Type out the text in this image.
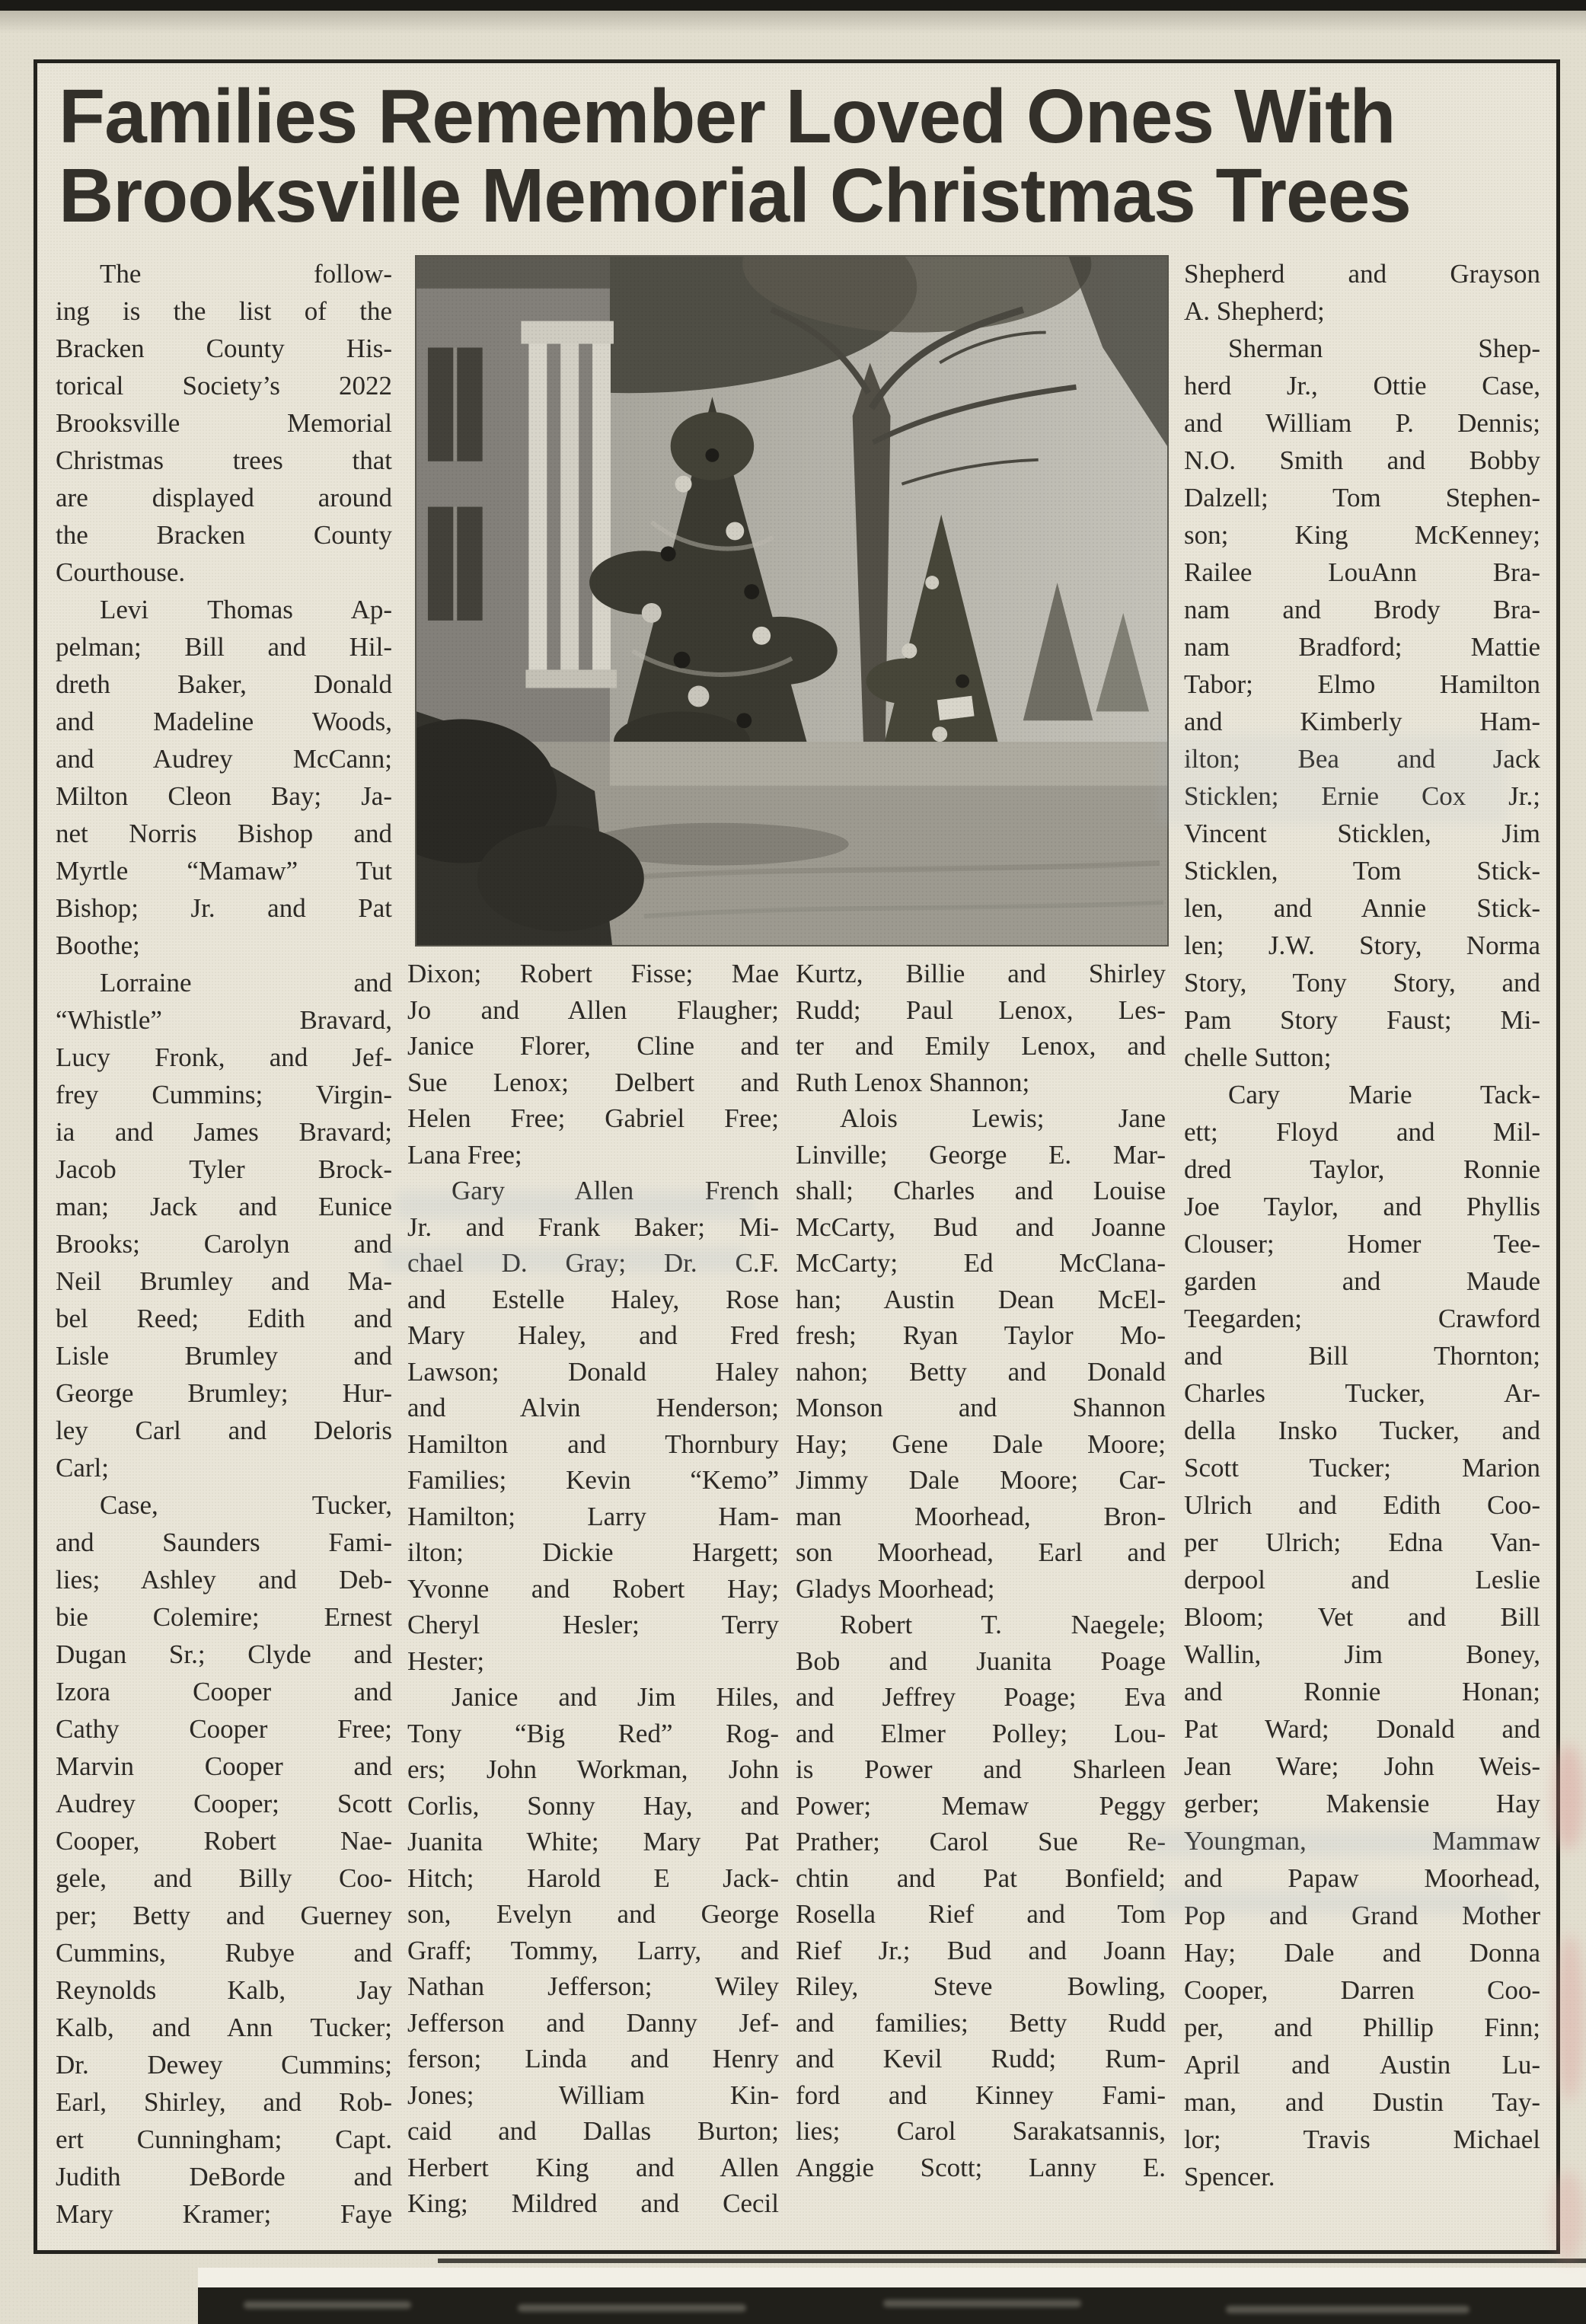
Families Remember Loved Ones With
Brooksville Memorial Christmas Trees
The follow-
ing is the list of the
Bracken County His-
torical Society’s 2022
Brooksville Memorial
Christmas trees that
are displayed around
the Bracken County
Courthouse.
Levi Thomas Ap-
pelman; Bill and Hil-
dreth Baker, Donald
and Madeline Woods,
and Audrey McCann;
Milton Cleon Bay; Ja-
net Norris Bishop and
Myrtle “Mamaw” Tut
Bishop; Jr. and Pat
Boothe;
Lorraine and
“Whistle” Bravard,
Lucy Fronk, and Jef-
frey Cummins; Virgin-
ia and James Bravard;
Jacob Tyler Brock-
man; Jack and Eunice
Brooks; Carolyn and
Neil Brumley and Ma-
bel Reed; Edith and
Lisle Brumley and
George Brumley; Hur-
ley Carl and Deloris
Carl;
Case, Tucker,
and Saunders Fami-
lies; Ashley and Deb-
bie Colemire; Ernest
Dugan Sr.; Clyde and
Izora Cooper and
Cathy Cooper Free;
Marvin Cooper and
Audrey Cooper; Scott
Cooper, Robert Nae-
gele, and Billy Coo-
per; Betty and Guerney
Cummins, Rubye and
Reynolds Kalb, Jay
Kalb, and Ann Tucker;
Dr. Dewey Cummins;
Earl, Shirley, and Rob-
ert Cunningham; Capt.
Judith DeBorde and
Mary Kramer; Faye
Dixon; Robert Fisse; Mae
Jo and Allen Flaugher;
Janice Florer, Cline and
Sue Lenox; Delbert and
Helen Free; Gabriel Free;
Lana Free;
Gary Allen French
Jr. and Frank Baker; Mi-
chael D. Gray; Dr. C.F.
and Estelle Haley, Rose
Mary Haley, and Fred
Lawson; Donald Haley
and Alvin Henderson;
Hamilton and Thornbury
Families; Kevin “Kemo”
Hamilton; Larry Ham-
ilton; Dickie Hargett;
Yvonne and Robert Hay;
Cheryl Hesler; Terry
Hester;
Janice and Jim Hiles,
Tony “Big Red” Rog-
ers; John Workman, John
Corlis, Sonny Hay, and
Juanita White; Mary Pat
Hitch; Harold E Jack-
son, Evelyn and George
Graff; Tommy, Larry, and
Nathan Jefferson; Wiley
Jefferson and Danny Jef-
ferson; Linda and Henry
Jones; William Kin-
caid and Dallas Burton;
Herbert King and Allen
King; Mildred and Cecil
Kurtz, Billie and Shirley
Rudd; Paul Lenox, Les-
ter and Emily Lenox, and
Ruth Lenox Shannon;
Alois Lewis; Jane
Linville; George E. Mar-
shall; Charles and Louise
McCarty, Bud and Joanne
McCarty; Ed McClana-
han; Austin Dean McEl-
fresh; Ryan Taylor Mo-
nahon; Betty and Donald
Monson and Shannon
Hay; Gene Dale Moore;
Jimmy Dale Moore; Car-
man Moorhead, Bron-
son Moorhead, Earl and
Gladys Moorhead;
Robert T. Naegele;
Bob and Juanita Poage
and Jeffrey Poage; Eva
and Elmer Polley; Lou-
is Power and Sharleen
Power; Memaw Peggy
Prather; Carol Sue Re-
chtin and Pat Bonfield;
Rosella Rief and Tom
Rief Jr.; Bud and Joann
Riley, Steve Bowling,
and families; Betty Rudd
and Kevil Rudd; Rum-
ford and Kinney Fami-
lies; Carol Sarakatsannis,
Anggie Scott; Lanny E.
Shepherd and Grayson
A. Shepherd;
Sherman Shep-
herd Jr., Ottie Case,
and William P. Dennis;
N.O. Smith and Bobby
Dalzell; Tom Stephen-
son; King McKenney;
Railee LouAnn Bra-
nam and Brody Bra-
nam Bradford; Mattie
Tabor; Elmo Hamilton
and Kimberly Ham-
ilton; Bea and Jack
Sticklen; Ernie Cox Jr.;
Vincent Sticklen, Jim
Sticklen, Tom Stick-
len, and Annie Stick-
len; J.W. Story, Norma
Story, Tony Story, and
Pam Story Faust; Mi-
chelle Sutton;
Cary Marie Tack-
ett; Floyd and Mil-
dred Taylor, Ronnie
Joe Taylor, and Phyllis
Clouser; Homer Tee-
garden and Maude
Teegarden; Crawford
and Bill Thornton;
Charles Tucker, Ar-
della Insko Tucker, and
Scott Tucker; Marion
Ulrich and Edith Coo-
per Ulrich; Edna Van-
derpool and Leslie
Bloom; Vet and Bill
Wallin, Jim Boney,
and Ronnie Honan;
Pat Ward; Donald and
Jean Ware; John Weis-
gerber; Makensie Hay
Youngman, Mammaw
and Papaw Moorhead,
Pop and Grand Mother
Hay; Dale and Donna
Cooper, Darren Coo-
per, and Phillip Finn;
April and Austin Lu-
man, and Dustin Tay-
lor; Travis Michael
Spencer.
